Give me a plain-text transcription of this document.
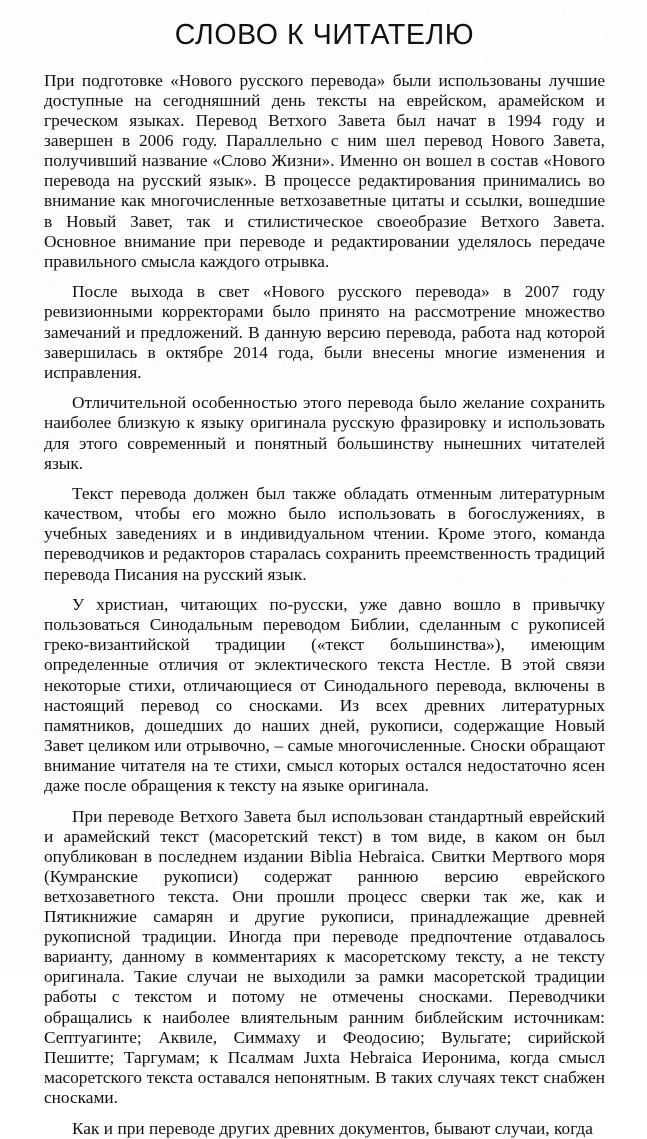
СЛОВО К ЧИТАТЕЛЮ

При подготовке «Нового русского перевода» были использованы лучшие доступные на сегодняшний день тексты на еврейском, арамейском и греческом языках. Перевод Ветхого Завета был начат в 1994 году и завершен в 2006 году. Параллельно с ним шел перевод Нового Завета, получивший название «Слово Жизни». Именно он вошел в состав «Нового перевода на русский язык». В процессе редактирования принимались во внимание как многочисленные ветхозаветные цитаты и ссылки, вошедшие в Новый Завет, так и стилистическое своеобразие Ветхого Завета. Основное внимание при переводе и редактировании уделялось передаче правильного смысла каждого отрывка.

После выхода в свет «Нового русского перевода» в 2007 году ревизионными корректорами было принято на рассмотрение множество замечаний и предложений. В данную версию перевода, работа над которой завершилась в октябре 2014 года, были внесены многие изменения и исправления.

Отличительной особенностью этого перевода было желание сохранить наиболее близкую к языку оригинала русскую фразировку и использовать для этого современный и понятный большинству нынешних читателей язык.

Текст перевода должен был также обладать отменным литературным качеством, чтобы его можно было использовать в богослужениях, в учебных заведениях и в индивидуальном чтении. Кроме этого, команда переводчиков и редакторов старалась сохранить преемственность традиций перевода Писания на русский язык.

У христиан, читающих по-русски, уже давно вошло в привычку пользоваться Синодальным переводом Библии, сделанным с рукописей греко-византийской традиции («текст большинства»), имеющим определенные отличия от эклектического текста Нестле. В этой связи некоторые стихи, отличающиеся от Синодального перевода, включены в настоящий перевод со сносками. Из всех древних литературных памятников, дошедших до наших дней, рукописи, содержащие Новый Завет целиком или отрывочно, – самые многочисленные. Сноски обращают внимание читателя на те стихи, смысл которых остался недостаточно ясен даже после обращения к тексту на языке оригинала.

При переводе Ветхого Завета был использован стандартный еврейский и арамейский текст (масоретский текст) в том виде, в каком он был опубликован в последнем издании Biblia Hebraica. Свитки Мертвого моря (Кумранские рукописи) содержат раннюю версию еврейского ветхозаветного текста. Они прошли процесс сверки так же, как и Пятикнижие самарян и другие рукописи, принадлежащие древней рукописной традиции. Иногда при переводе предпочтение отдавалось варианту, данному в комментариях к масоретскому тексту, а не тексту оригинала. Такие случаи не выходили за рамки масоретской традиции работы с текстом и потому не отмечены сносками. Переводчики обращались к наиболее влиятельным ранним библейским источникам: Септуагинте; Аквиле, Симмаху и Феодосию; Вульгате; сирийской Пешитте; Таргумам; к Псалмам Juxta Hebraica Иеронима, когда смысл масоретского текста оставался непонятным. В таких случаях текст снабжен сносками.

Как и при переводе других древних документов, бывают случаи, когда
